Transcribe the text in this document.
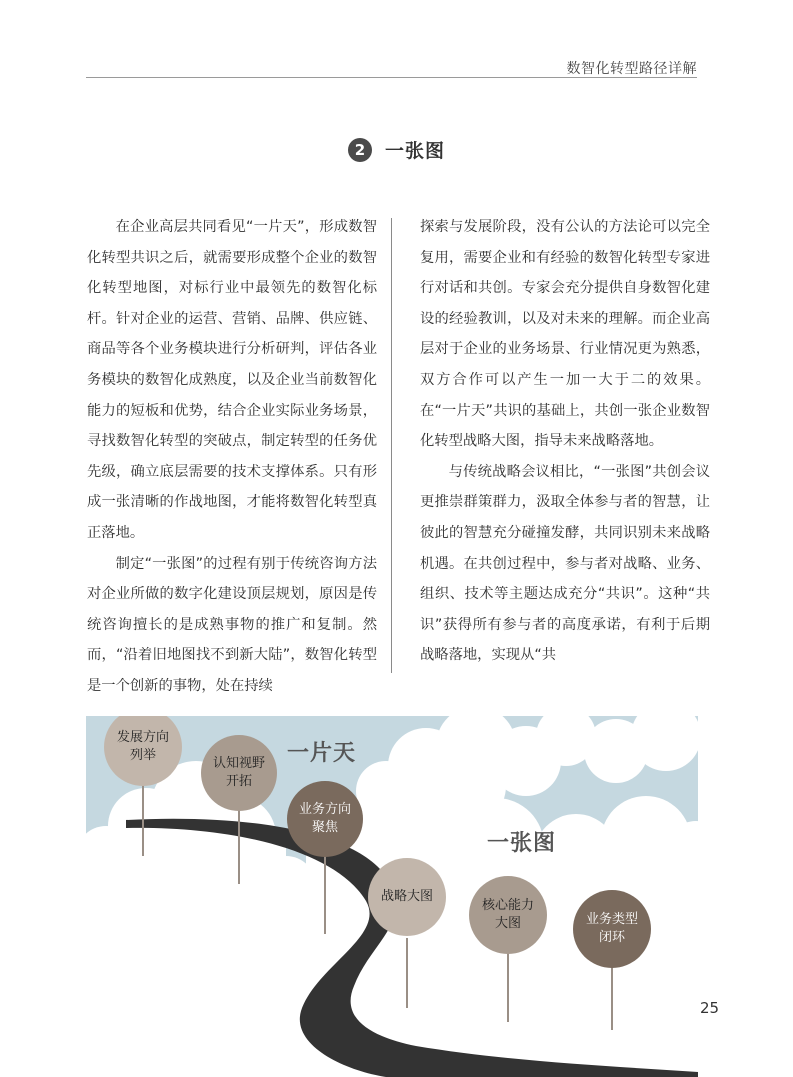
数智化转型路径详解
2 一张图

在企业高层共同看见“一片天”，形成数智化转型共识之后，就需要形成整个企业的数智化转型地图，对标行业中最领先的数智化标杆。针对企业的运营、营销、品牌、供应链、商品等各个业务模块进行分析研判，评估各业务模块的数智化成熟度，以及企业当前数智化能力的短板和优势，结合企业实际业务场景，寻找数智化转型的突破点，制定转型的任务优先级，确立底层需要的技术支撑体系。只有形成一张清晰的作战地图，才能将数智化转型真正落地。

制定“一张图”的过程有别于传统咨询方法对企业所做的数字化建设顶层规划，原因是传统咨询擅长的是成熟事物的推广和复制。然而，“沿着旧地图找不到新大陆”，数智化转型是一个创新的事物，处在持续

探索与发展阶段，没有公认的方法论可以完全复用，需要企业和有经验的数智化转型专家进行对话和共创。专家会充分提供自身数智化建设的经验教训，以及对未来的理解。而企业高层对于企业的业务场景、行业情况更为熟悉，双方合作可以产生一加一大于二的效果。在“一片天”共识的基础上，共创一张企业数智化转型战略大图，指导未来战略落地。

与传统战略会议相比，“一张图”共创会议更推崇群策群力，汲取全体参与者的智慧，让彼此的智慧充分碰撞发酵，共同识别未来战略机遇。在共创过程中，参与者对战略、业务、组织、技术等主题达成充分“共识”。这种“共识”获得所有参与者的高度承诺，有利于后期战略落地，实现从“共

发展方向
列举
认知视野
开拓
一片天
业务方向
聚焦
一张图
战略大图
核心能力
大图	业务类型
闭环
25
